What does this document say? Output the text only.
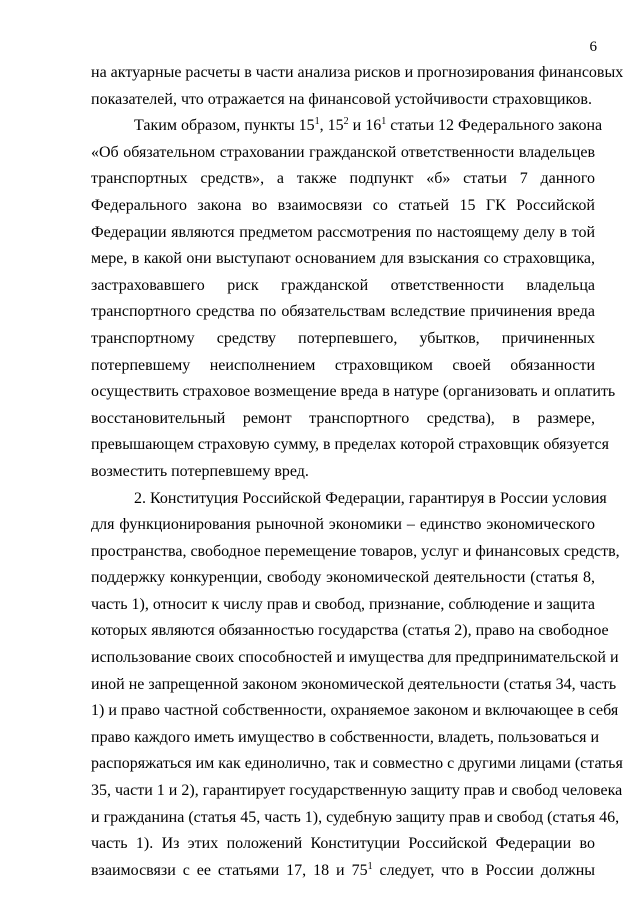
6
на актуарные расчеты в части анализа рисков и прогнозирования финансовых
показателей, что отражается на финансовой устойчивости страховщиков.
Таким образом, пункты $15^1$, $15^2$ и $16^1$ статьи 12 Федерального закона
«Об обязательном страховании гражданской ответственности владельцев
транспортных средств», а также подпункт «б» статьи 7 данного
Федерального закона во взаимосвязи со статьей 15 ГК Российской
Федерации являются предметом рассмотрения по настоящему делу в той
мере, в какой они выступают основанием для взыскания со страховщика,
застраховавшего риск гражданской ответственности владельца
транспортного средства по обязательствам вследствие причинения вреда
транспортному средству потерпевшего, убытков, причиненных
потерпевшему неисполнением страховщиком своей обязанности
осуществить страховое возмещение вреда в натуре (организовать и оплатить
восстановительный ремонт транспортного средства), в размере,
превышающем страховую сумму, в пределах которой страховщик обязуется
возместить потерпевшему вред.
2. Конституция Российской Федерации, гарантируя в России условия
для функционирования рыночной экономики – единство экономического
пространства, свободное перемещение товаров, услуг и финансовых средств,
поддержку конкуренции, свободу экономической деятельности (статья 8,
часть 1), относит к числу прав и свобод, признание, соблюдение и защита
которых являются обязанностью государства (статья 2), право на свободное
использование своих способностей и имущества для предпринимательской и
иной не запрещенной законом экономической деятельности (статья 34, часть
1) и право частной собственности, охраняемое законом и включающее в себя
право каждого иметь имущество в собственности, владеть, пользоваться и
распоряжаться им как единолично, так и совместно с другими лицами (статья
35, части 1 и 2), гарантирует государственную защиту прав и свобод человека
и гражданина (статья 45, часть 1), судебную защиту прав и свобод (статья 46,
часть 1). Из этих положений Конституции Российской Федерации во
взаимосвязи с ее статьями 17, 18 и $75^1$ следует, что в России должны
